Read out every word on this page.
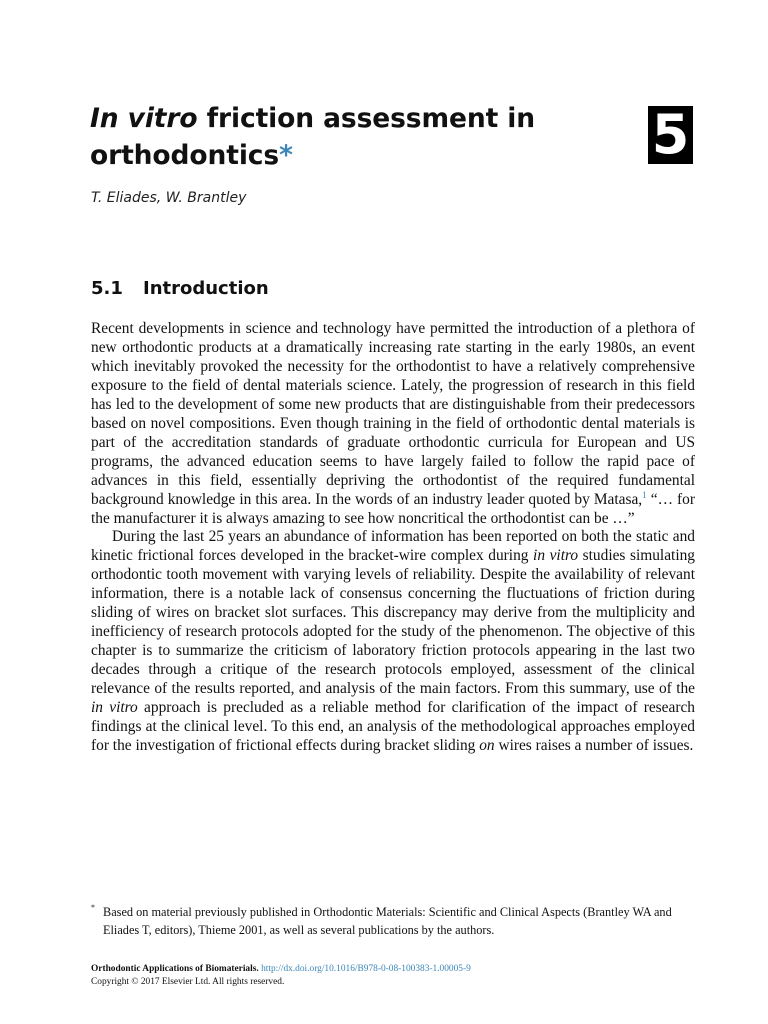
In vitro friction assessment in orthodontics*	5
T. Eliades, W. Brantley
5.1 Introduction

Recent developments in science and technology have permitted the introduction of a plethora of new orthodontic products at a dramatically increasing rate starting in the early 1980s, an event which inevitably provoked the necessity for the orthodontist to have a relatively comprehensive exposure to the field of dental materials science. Lately, the progression of research in this field has led to the development of some new products that are distinguishable from their predecessors based on novel compositions. Even though training in the field of orthodontic dental materials is part of the accreditation standards of graduate orthodontic curricula for European and US programs, the advanced education seems to have largely failed to follow the rapid pace of advances in this field, essentially depriving the orthodontist of the required fundamental background knowledge in this area. In the words of an industry leader quoted by Matasa,$^1$ “… for the manufacturer it is always amazing to see how noncritical the orthodontist can be …”

During the last 25 years an abundance of information has been reported on both the static and kinetic frictional forces developed in the bracket-wire complex during in vitro studies simulating orthodontic tooth movement with varying levels of reliability. Despite the availability of relevant information, there is a notable lack of consensus concerning the fluctuations of friction during sliding of wires on bracket slot surfaces. This discrepancy may derive from the multiplicity and inefficiency of research protocols adopted for the study of the phenomenon. The objective of this chapter is to summarize the criticism of laboratory friction protocols appearing in the last two decades through a critique of the research protocols employed, assessment of the clinical relevance of the results reported, and analysis of the main factors. From this summary, use of the in vitro approach is precluded as a reliable method for clarification of the impact of research findings at the clinical level. To this end, an analysis of the methodological approaches employed for the investigation of frictional effects during bracket sliding on wires raises a number of issues.

* Based on material previously published in Orthodontic Materials: Scientific and Clinical Aspects (Brantley WA and Eliades T, editors), Thieme 2001, as well as several publications by the authors.
Orthodontic Applications of Biomaterials. http://dx.doi.org/10.1016/B978-0-08-100383-1.00005-9
Copyright © 2017 Elsevier Ltd. All rights reserved.
